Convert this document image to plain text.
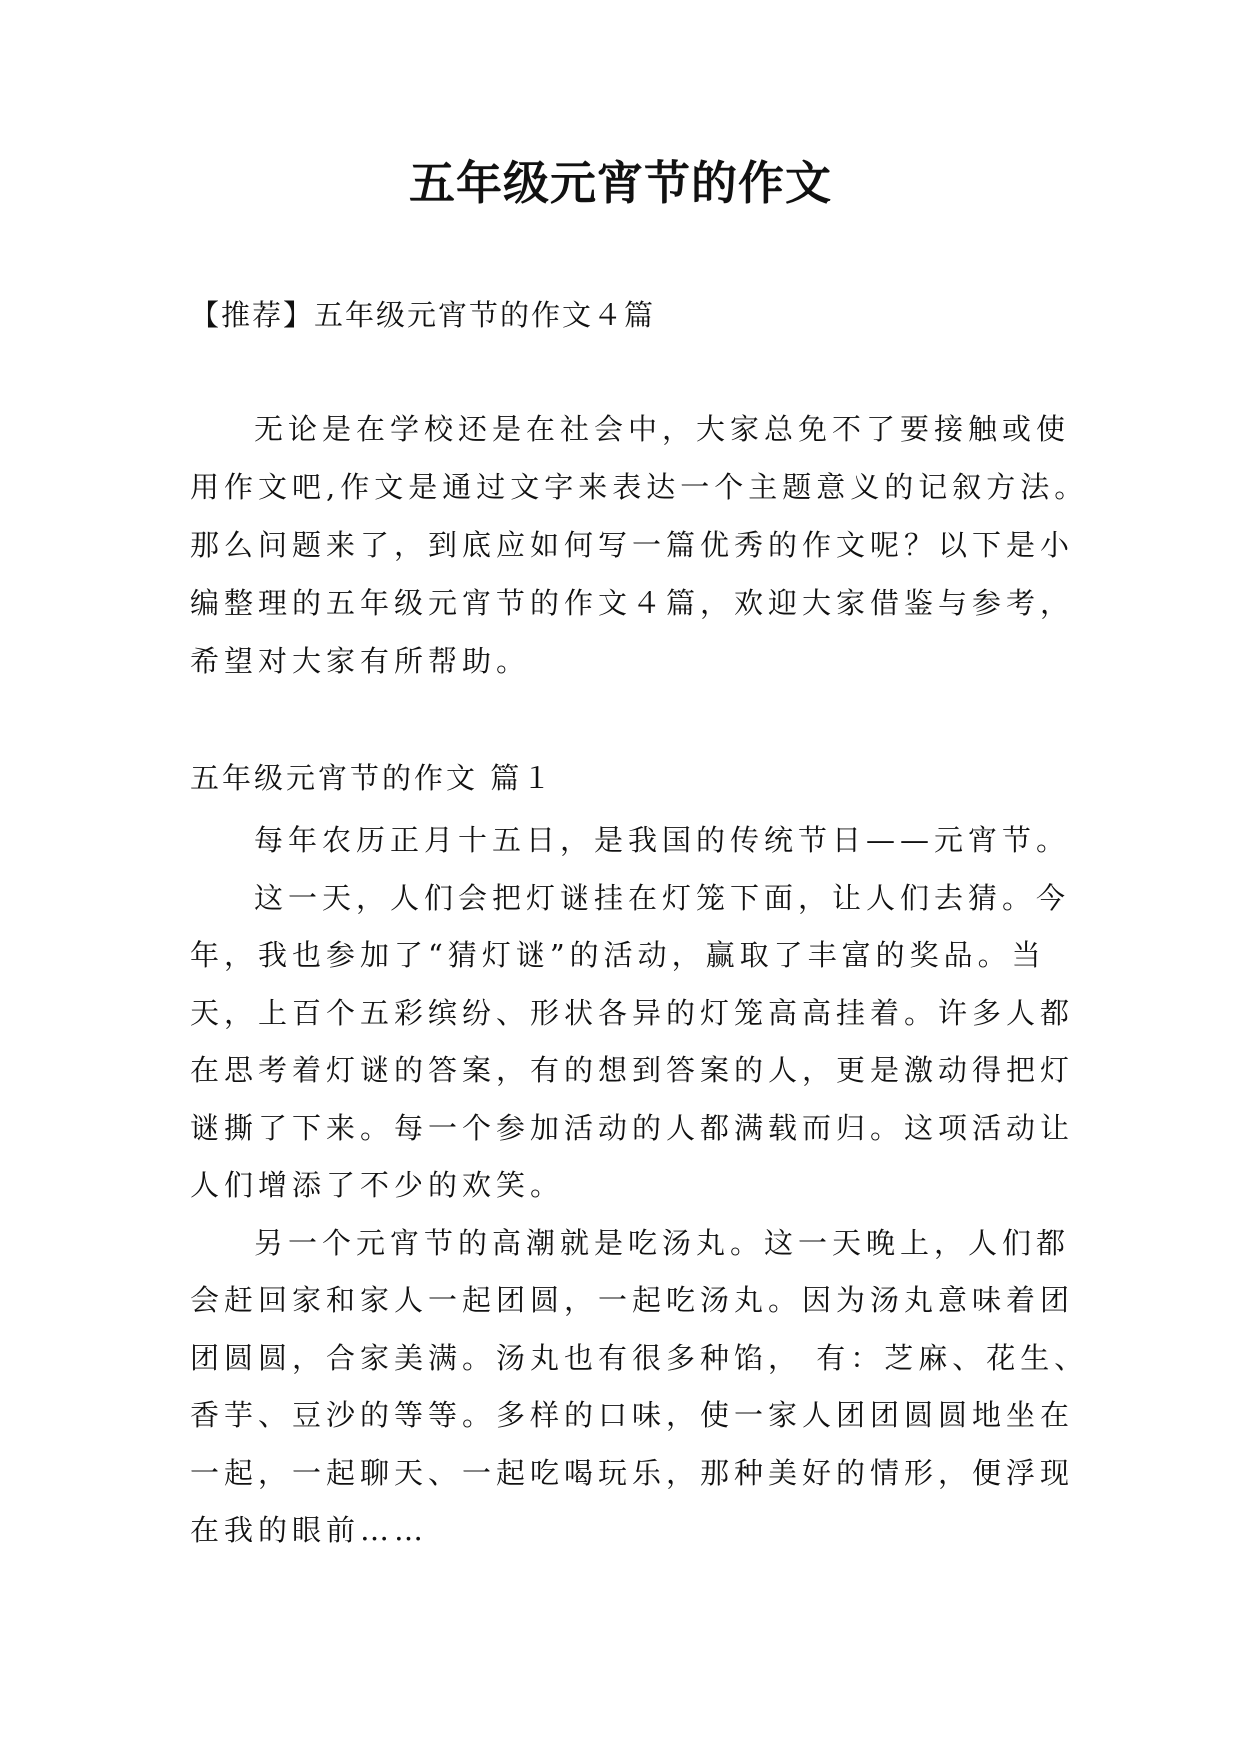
五年级元宵节的作文

【推荐】五年级元宵节的作文４篇

无论是在学校还是在社会中，大家总免不了要接触或使
用作文吧,作文是通过文字来表达一个主题意义的记叙方法。
那么问题来了，到底应如何写一篇优秀的作文呢？以下是小
编整理的五年级元宵节的作文４篇，欢迎大家借鉴与参考，
希望对大家有所帮助。

五年级元宵节的作文 篇１

每年农历正月十五日，是我国的传统节日——元宵节。
这一天，人们会把灯谜挂在灯笼下面，让人们去猜。今
年，我也参加了“猜灯谜”的活动，赢取了丰富的奖品。当
天，上百个五彩缤纷、形状各异的灯笼高高挂着。许多人都
在思考着灯谜的答案，有的想到答案的人，更是激动得把灯
谜撕了下来。每一个参加活动的人都满载而归。这项活动让
人们增添了不少的欢笑。
另一个元宵节的高潮就是吃汤丸。这一天晚上，人们都
会赶回家和家人一起团圆，一起吃汤丸。因为汤丸意味着团
团圆圆，合家美满。汤丸也有很多种馅， 有：芝麻、花生、
香芋、豆沙的等等。多样的口味，使一家人团团圆圆地坐在
一起，一起聊天、一起吃喝玩乐，那种美好的情形，便浮现
在我的眼前……
